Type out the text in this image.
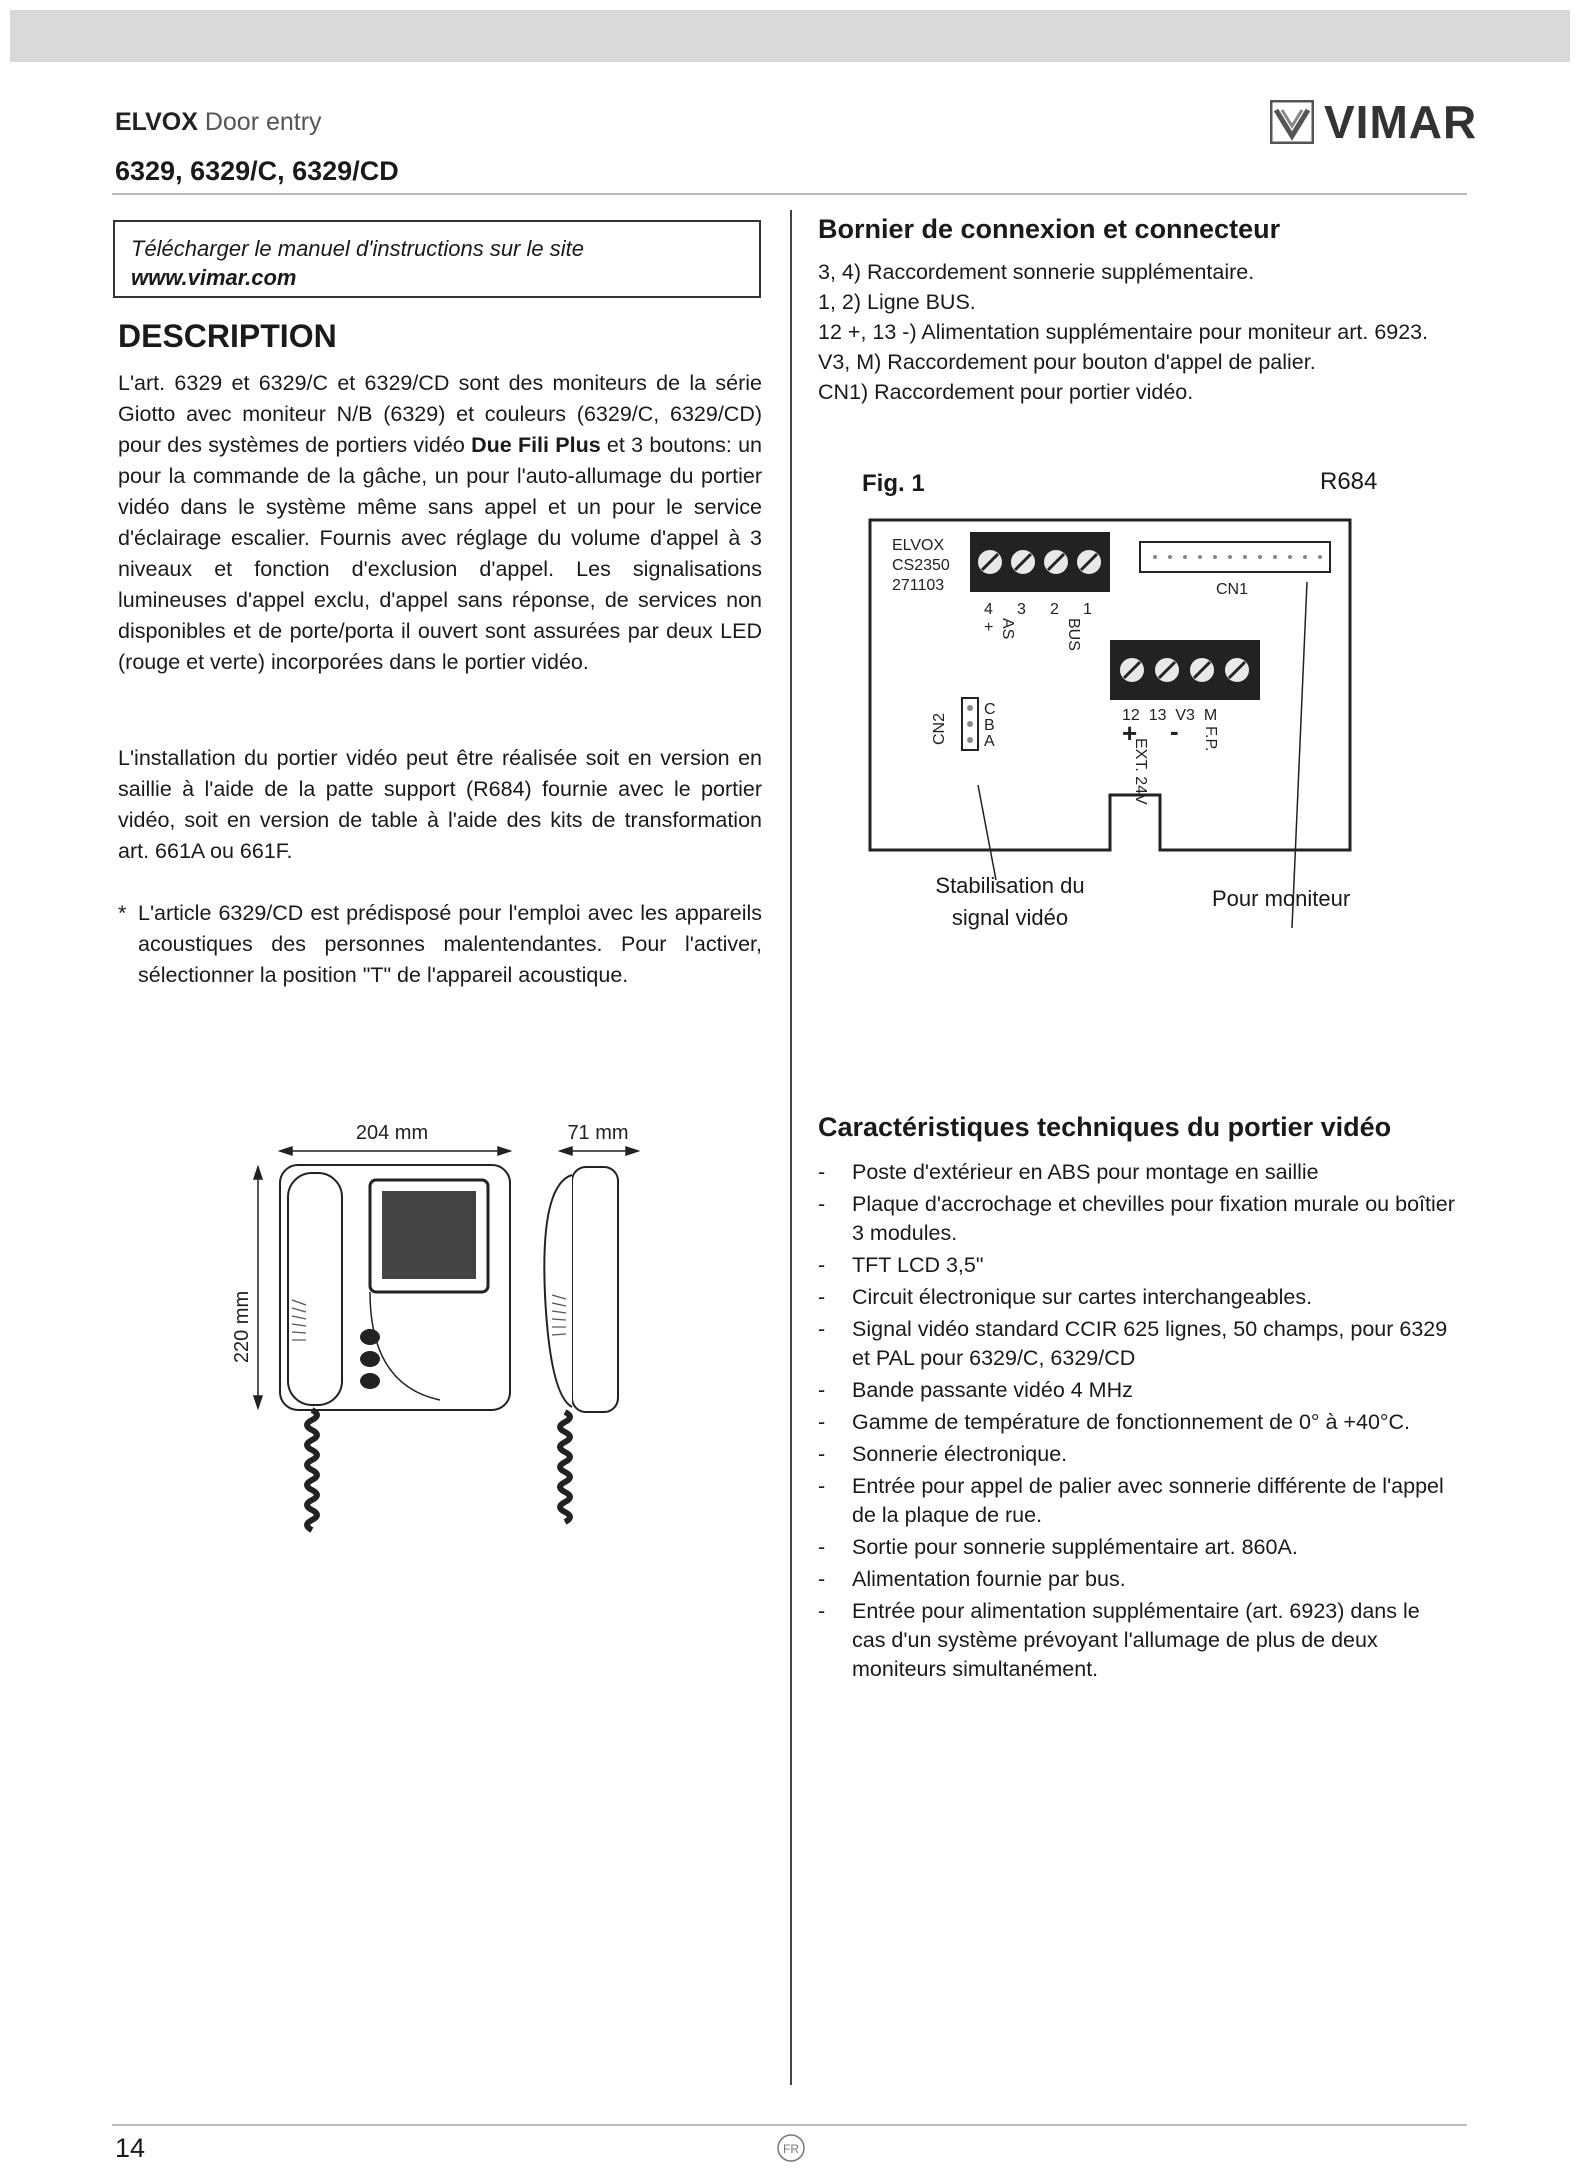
ELVOX Door entry	VIMAR
6329, 6329/C, 6329/CD
Télécharger le manuel d'instructions sur le site www.vimar.com
DESCRIPTION

L'art. 6329 et 6329/C et 6329/CD sont des moniteurs de la série Giotto avec moniteur N/B (6329) et couleurs (6329/C, 6329/CD) pour des systèmes de portiers vidéo Due Fili Plus et 3 boutons: un pour la commande de la gâche, un pour l'auto-allumage du portier vidéo dans le système même sans appel et un pour le service d'éclairage escalier. Fournis avec réglage du volume d'appel à 3 niveaux et fonction d'exclusion d'appel. Les signalisations lumineuses d'appel exclu, d'appel sans réponse, de services non disponibles et de porte/porta il ouvert sont assurées par deux LED (rouge et verte) incorporées dans le portier vidéo.

L'installation du portier vidéo peut être réalisée soit en version en saillie à l'aide de la patte support (R684) fournie avec le portier vidéo, soit en version de table à l'aide des kits de transformation art. 661A ou 661F.

* L'article 6329/CD est prédisposé pour l'emploi avec les appareils acoustiques des personnes malentendantes. Pour l'activer, sélectionner la position "T" de l'appareil acoustique.
Bornier de connexion et connecteur
3, 4) Raccordement sonnerie supplémentaire.
1, 2) Ligne BUS.
12 +, 13 -) Alimentation supplémentaire pour moniteur art. 6923.
V3, M) Raccordement pour bouton d'appel de palier.
CN1) Raccordement pour portier vidéo.
Fig. 1	R684
ELVOX
CS2350
271103
4 3 2 1
+ AS	BUS
CN1
12  13  V3  M
+ - F.P.
EXT. 24V
C
B
A
CN2
Stabilisation du
signal vidéo
Pour moniteur
204 mm	71 mm
220 mm
Caractéristiques techniques du portier vidéo
- Poste d'extérieur en ABS pour montage en saillie
- Plaque d'accrochage et chevilles pour fixation murale ou boîtier 3 modules.
- TFT LCD 3,5"
- Circuit électronique sur cartes interchangeables.
- Signal vidéo standard CCIR 625 lignes, 50 champs, pour 6329 et PAL pour 6329/C, 6329/CD
- Bande passante vidéo 4 MHz
- Gamme de température de fonctionnement de 0° à +40°C.
- Sonnerie électronique.
- Entrée pour appel de palier avec sonnerie différente de l'appel de la plaque de rue.
- Sortie pour sonnerie supplémentaire art. 860A.
- Alimentation fournie par bus.
- Entrée pour alimentation supplémentaire (art. 6923) dans le cas d'un système prévoyant l'allumage de plus de deux moniteurs simultanément.
14	FR
